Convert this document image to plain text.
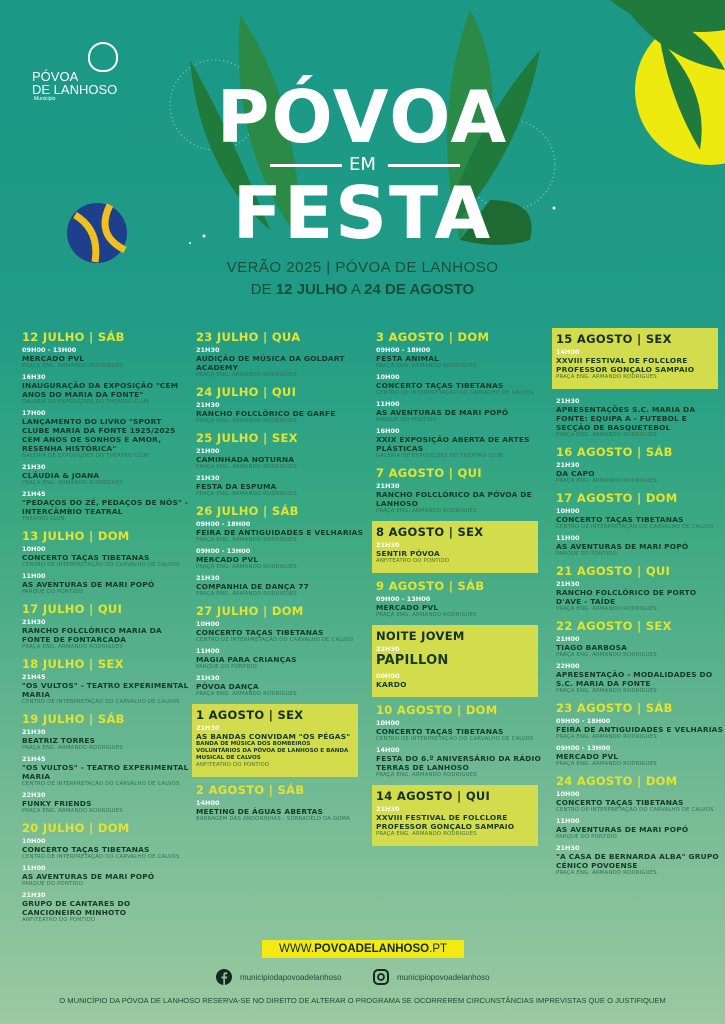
PÓVOA
DE LANHOSO
Município	PÓVOA
EM
FESTA
VERÃO 2025 | PÓVOA DE LANHOSO
DE 12 JULHO A 24 DE AGOSTO
12 JULHO | SÁB
09H00 - 13H00
MERCADO PVL
PRAÇA ENG. ARMANDO RODRIGUES
16H30
INAUGURAÇÃO DA EXPOSIÇÃO "CEM ANOS DO MARIA DA FONTE"
GALERIA DE EXPOSIÇÕES DO THEATRO CLUB
17H00
LANÇAMENTO DO LIVRO "SPORT CLUBE MARIA DA FONTE 1925/2025 CEM ANOS DE SONHOS E AMOR, RESENHA HISTÓRICA"
GALERIA DE EXPOSIÇÕES DO THEATRO CLUB
21H30
CLÁUDIA & JOANA
PRAÇA ENG. ARMANDO RODRIGUES
21H45
"PEDAÇOS DO ZÉ, PEDAÇOS DE NÓS" - INTERCÂMBIO TEATRAL
THEATRO CLUB
13 JULHO | DOM
10H00
CONCERTO TAÇAS TIBETANAS
CENTRO DE INTERPRETAÇÃO DO CARVALHO DE CALVOS
11H00
AS AVENTURAS DE MARI POPÓ
PARQUE DO PONTIDO
17 JULHO | QUI
21H30
RANCHO FOLCLÓRICO MARIA DA FONTE DE FONTARCADA
PRAÇA ENG. ARMANDO RODRIGUES
18 JULHO | SEX
21H45
"OS VULTOS" - TEATRO EXPERIMENTAL MARIA
CENTRO DE INTERPRETAÇÃO DO CARVALHO DE CALVOS
19 JULHO | SÁB
21H30
BEATRIZ TORRES
PRAÇA ENG. ARMANDO RODRIGUES
21H45
"OS VULTOS" - TEATRO EXPERIMENTAL MARIA
CENTRO DE INTERPRETAÇÃO DO CARVALHO DE CALVOS
22H30
FUNKY FRIENDS
PRAÇA ENG. ARMANDO RODRIGUES
20 JULHO | DOM
10H00
CONCERTO TAÇAS TIBETANAS
CENTRO DE INTERPRETAÇÃO DO CARVALHO DE CALVOS
11H00
AS AVENTURAS DE MARI POPÓ
PARQUE DO PONTIDO
21H30
GRUPO DE CANTARES DO CANCIONEIRO MINHOTO
ANFITEATRO DO PONTIDO
23 JULHO | QUA
21H30
AUDIÇÃO DE MÚSICA DA GOLDART ACADEMY
PRAÇA ENG. ARMANDO RODRIGUES
24 JULHO | QUI
21H30
RANCHO FOLCLÓRICO DE GARFE
PRAÇA ENG. ARMANDO RODRIGUES
25 JULHO | SEX
21H00
CAMINHADA NOTURNA
PRAÇA ENG. ARMANDO RODRIGUES
21H30
FESTA DA ESPUMA
PRAÇA ENG. ARMANDO RODRIGUES
26 JULHO | SÁB
09H00 - 18H00
FEIRA DE ANTIGUIDADES E VELHARIAS
PRAÇA ENG. ARMANDO RODRIGUES
09H00 - 13H00
MERCADO PVL
PRAÇA ENG. ARMANDO RODRIGUES
21H30
COMPANHIA DE DANÇA 77
PRAÇA ENG. ARMANDO RODRIGUES
27 JULHO | DOM
10H00
CONCERTO TAÇAS TIBETANAS
CENTRO DE INTERPRETAÇÃO DO CARVALHO DE CALVOS
11H00
MAGIA PARA CRIANÇAS
PARQUE DO PONTIDO
21H30
PÓVOA DANÇA
PRAÇA ENG. ARMANDO RODRIGUES
1 AGOSTO | SEX
21H30
AS BANDAS CONVIDAM "OS PÉGAS"
BANDA DE MÚSICA DOS BOMBEIROS VOLUNTÁRIOS DA PÓVOA DE LANHOSO E BANDA MUSICAL DE CALVOS
ANFITEATRO DO PONTIDO
2 AGOSTO | SÁB
14H00
MEETING DE ÁGUAS ABERTAS
BARRAGEM DAS ANDORINHAS - SOBRADELO DA GOMA
3 AGOSTO | DOM
09H00 - 18H00
FESTA ANIMAL
PRAÇA ENG. ARMANDO RODRIGUES
10H00
CONCERTO TAÇAS TIBETANAS
CENTRO DE INTERPRETAÇÃO DO CARVALHO DE CALVOS
11H00
AS AVENTURAS DE MARI POPÓ
PARQUE DO PONTIDO
16H00
XXIX EXPOSIÇÃO ABERTA DE ARTES PLÁSTICAS
GALERIA DE EXPOSIÇÕES DO THEATRO CLUB
7 AGOSTO | QUI
21H30
RANCHO FOLCLÓRICO DA PÓVOA DE LANHOSO
PRAÇA ENG. ARMANDO RODRIGUES
8 AGOSTO | SEX
21H30
SENTIR PÓVOA
ANFITEATRO DO PONTIDO
9 AGOSTO | SÁB
09H00 - 13H00
MERCADO PVL
PRAÇA ENG. ARMANDO RODRIGUES
NOITE JOVEM
22H30
PAPILLON
00H00
KARDO
10 AGOSTO | DOM
10H00
CONCERTO TAÇAS TIBETANAS
CENTRO DE INTERPRETAÇÃO DO CARVALHO DE CALVOS
14H00
FESTA DO 6.º ANIVERSÁRIO DA RÁDIO TERRAS DE LANHOSO
PRAÇA ENG. ARMANDO RODRIGUES
14 AGOSTO | QUI
21H30
XXVIII FESTIVAL DE FOLCLORE PROFESSOR GONÇALO SAMPAIO
PRAÇA ENG. ARMANDO RODRIGUES
15 AGOSTO | SEX
14H00
XXVIII FESTIVAL DE FOLCLORE PROFESSOR GONÇALO SAMPAIO
PRAÇA ENG. ARMANDO RODRIGUES
21H30
APRESENTAÇÕES S.C. MARIA DA FONTE: EQUIPA A - FUTEBOL E SECÇÃO DE BASQUETEBOL
PRAÇA ENG. ARMANDO RODRIGUES
16 AGOSTO | SÁB
21H30
DA CAPO
PRAÇA ENG. ARMANDO RODRIGUES
17 AGOSTO | DOM
10H00
CONCERTO TAÇAS TIBETANAS
CENTRO DE INTERPRETAÇÃO DO CARVALHO DE CALVOS
11H00
AS AVENTURAS DE MARI POPÓ
PARQUE DO PONTIDO
21 AGOSTO | QUI
21H30
RANCHO FOLCLÓRICO DE PORTO D'AVE - TAÍDE
PRAÇA ENG. ARMANDO RODRIGUES
22 AGOSTO | SEX
21H00
TIAGO BARBOSA
PRAÇA ENG. ARMANDO RODRIGUES
22H00
APRESENTAÇÃO - MODALIDADES DO S.C. MARIA DA FONTE
PRAÇA ENG. ARMANDO RODRIGUES
23 AGOSTO | SÁB
09H00 - 18H00
FEIRA DE ANTIGUIDADES E VELHARIAS
PRAÇA ENG. ARMANDO RODRIGUES
09H00 - 13H00
MERCADO PVL
PRAÇA ENG. ARMANDO RODRIGUES
24 AGOSTO | DOM
10H00
CONCERTO TAÇAS TIBETANAS
CENTRO DE INTERPRETAÇÃO DO CARVALHO DE CALVOS
11H00
AS AVENTURAS DE MARI POPÓ
PARQUE DO PONTIDO
21H30
"A CASA DE BERNARDA ALBA" GRUPO CÉNICO POVOENSE
PRAÇA ENG. ARMANDO RODRIGUES
WWW.POVOADELANHOSO.PT
municipiodapovoadelanhoso	municipiopovoadelanhoso
O MUNICÍPIO DA PÓVOA DE LANHOSO RESERVA-SE NO DIREITO DE ALTERAR O PROGRAMA SE OCORREREM CIRCUNSTÂNCIAS IMPREVISTAS QUE O JUSTIFIQUEM
